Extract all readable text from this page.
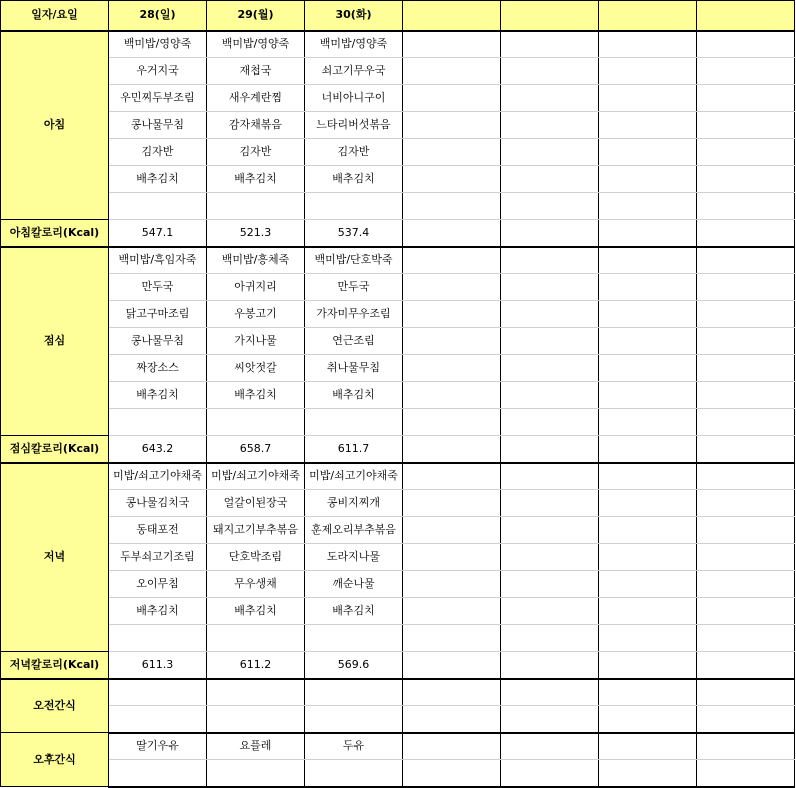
일자/요일	28(일)	29(월)	30(화)				
아침	백미밥/영양죽	백미밥/영양죽	백미밥/영양죽				
	우거지국	재첩국	쇠고기무우국				
	우민찌두부조림	새우계란찜	너비아니구이				
	콩나물무침	감자채볶음	느타리버섯볶음				
	김자반	김자반	김자반				
	배추김치	배추김치	배추김치				

아침칼로리(Kcal)	547.1	521.3	537.4				
점심	백미밥/흑임자죽	백미밥/흥체죽	백미밥/단호박죽				
	만두국	아귀지리	만두국				
	닭고구마조림	우봉고기	가자미무우조림				
	콩나물무침	가지나물	연근조림				
	짜장소스	씨앗젓갈	취나물무침				
	배추김치	배추김치	배추김치				

점심칼로리(Kcal)	643.2	658.7	611.7				
저녁	미밥/쇠고기야채죽	미밥/쇠고기야채죽	미밥/쇠고기야채죽				
	콩나물김치국	얼갈이된장국	콩비지찌개				
	동태포전	돼지고기부추볶음	훈제오리부추볶음				
	두부쇠고기조림	단호박조림	도라지나물				
	오이무침	무우생채	깨순나물				
	배추김치	배추김치	배추김치				

저녁칼로리(Kcal)	611.3	611.2	569.6				
오전간식							

오후간식	딸기우유	요플레	두유				
